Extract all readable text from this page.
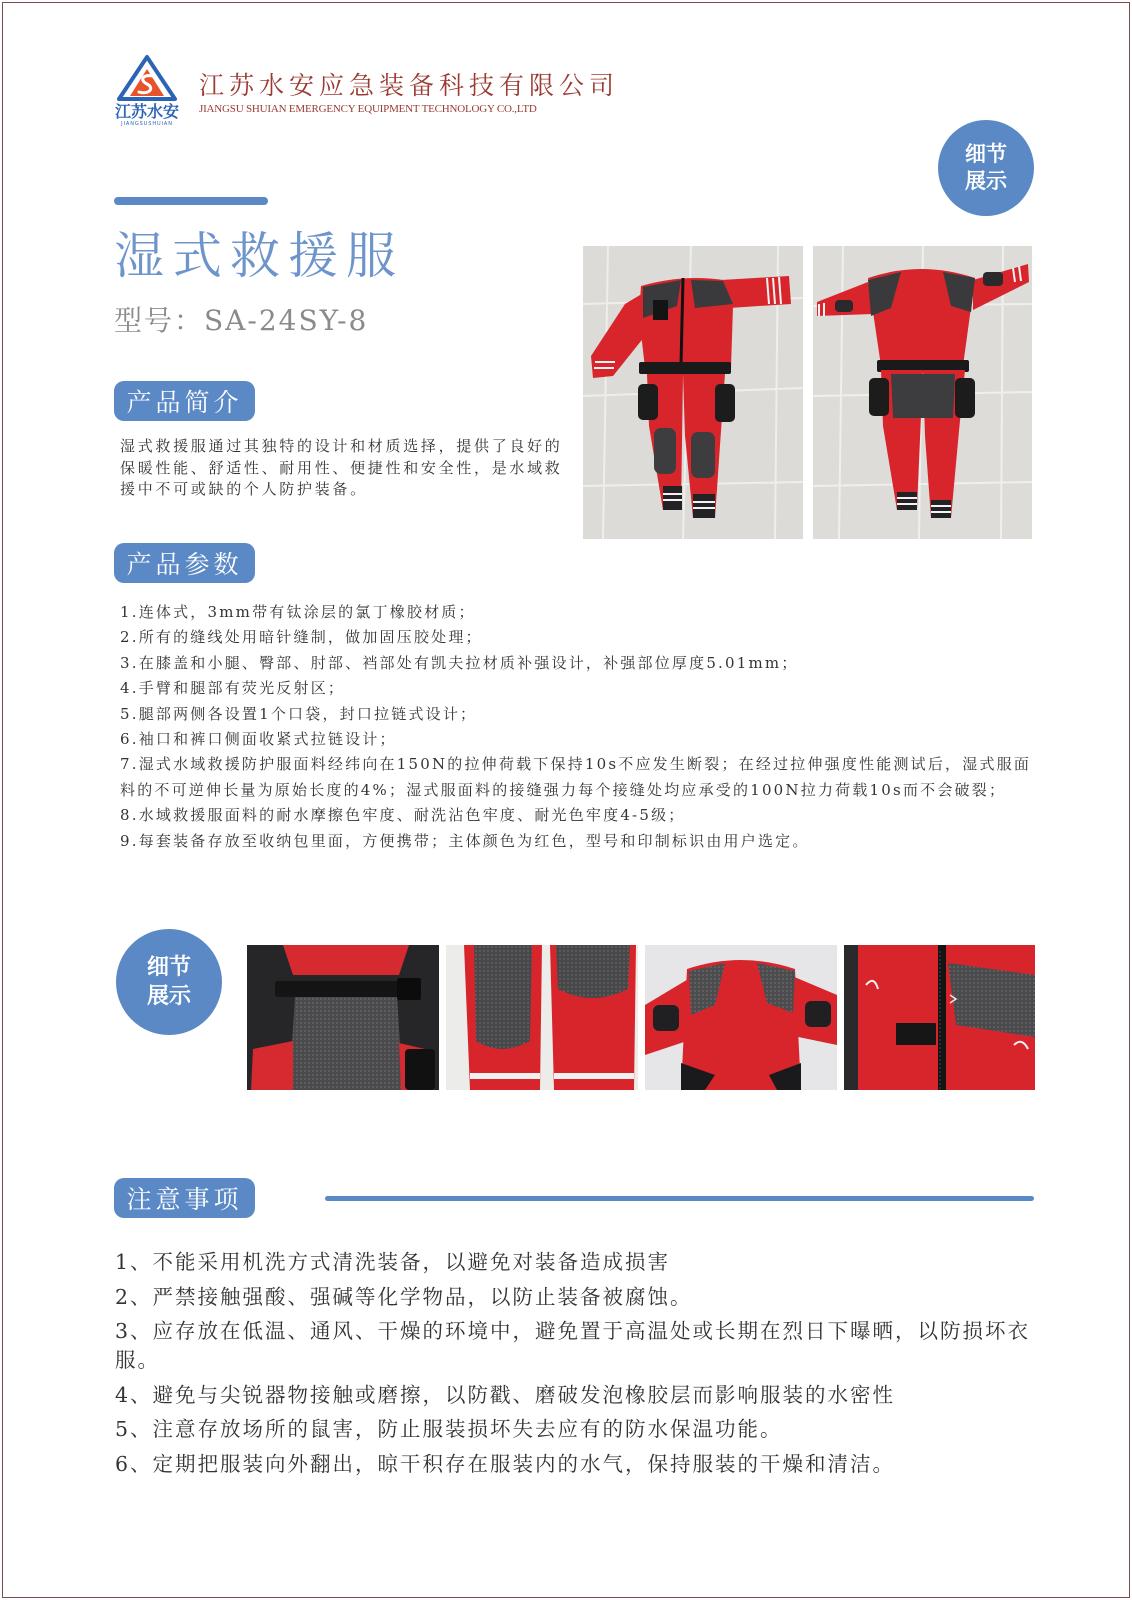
江苏水安
JIANGSUSHUIAN
江苏水安应急装备科技有限公司
JIANGSU SHUIAN EMERGENCY EQUIPMENT TECHNOLOGY CO.,LTD
细节
展示
湿式救援服
型号：SA-24SY-8
产品简介

湿式救援服通过其独特的设计和材质选择，提供了良好的保暖性能、舒适性、耐用性、便捷性和安全性，是水域救援中不可或缺的个人防护装备。

产品参数
1.连体式，3mm带有钛涂层的氯丁橡胶材质；
2.所有的缝线处用暗针缝制，做加固压胶处理；
3.在膝盖和小腿、臀部、肘部、裆部处有凯夫拉材质补强设计，补强部位厚度5.01mm；
4.手臂和腿部有荧光反射区；
5.腿部两侧各设置1个口袋，封口拉链式设计；
6.袖口和裤口侧面收紧式拉链设计；
7.湿式水域救援防护服面料经纬向在150N的拉伸荷载下保持10s不应发生断裂；在经过拉伸强度性能测试后，湿式服面料的不可逆伸长量为原始长度的4%；湿式服面料的接缝强力每个接缝处均应承受的100N拉力荷载10s而不会破裂；
8.水域救援服面料的耐水摩擦色牢度、耐洗沾色牢度、耐光色牢度4-5级；
9.每套装备存放至收纳包里面，方便携带；主体颜色为红色，型号和印制标识由用户选定。
细节
展示
注意事项
1、不能采用机洗方式清洗装备，以避免对装备造成损害
2、严禁接触强酸、强碱等化学物品，以防止装备被腐蚀。
3、应存放在低温、通风、干燥的环境中，避免置于高温处或长期在烈日下曝晒，以防损坏衣服。
4、避免与尖锐器物接触或磨擦，以防戳、磨破发泡橡胶层而影响服装的水密性
5、注意存放场所的鼠害，防止服装损坏失去应有的防水保温功能。
6、定期把服装向外翻出，晾干积存在服装内的水气，保持服装的干燥和清洁。
